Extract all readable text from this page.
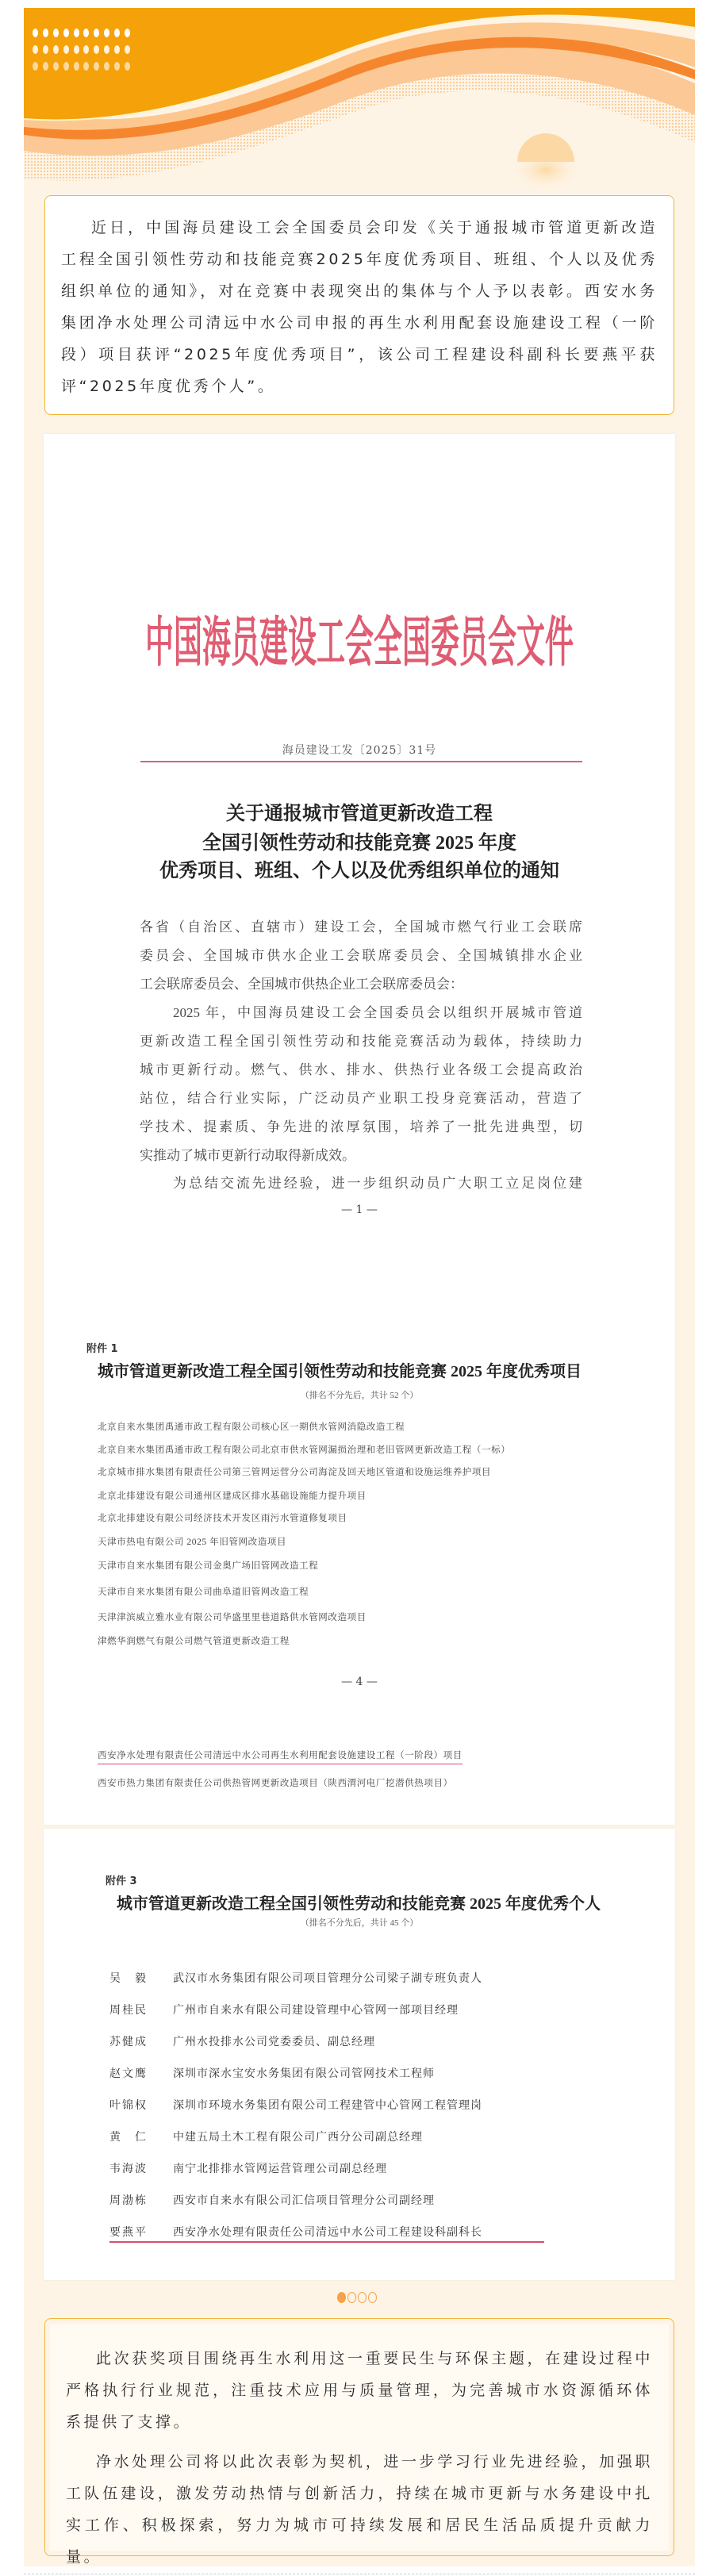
近日，中国海员建设工会全国委员会印发《关于通报城市管道更新改造工程全国引领性劳动和技能竞赛2025年度优秀项目、班组、个人以及优秀组织单位的通知》，对在竞赛中表现突出的集体与个人予以表彰。西安水务集团净水处理公司清远中水公司申报的再生水利用配套设施建设工程（一阶段）项目获评“2025年度优秀项目”，该公司工程建设科副科长要燕平获评“2025年度优秀个人”。

中国海员建设工会全国委员会文件
海员建设工发〔2025〕31号
关于通报城市管道更新改造工程
全国引领性劳动和技能竞赛 2025 年度
优秀项目、班组、个人以及优秀组织单位的通知
各省（自治区、直辖市）建设工会，全国城市燃气行业工会联席
委员会、全国城市供水企业工会联席委员会、全国城镇排水企业
工会联席委员会、全国城市供热企业工会联席委员会：
2025 年，中国海员建设工会全国委员会以组织开展城市管道
更新改造工程全国引领性劳动和技能竞赛活动为载体，持续助力
城市更新行动。燃气、供水、排水、供热行业各级工会提高政治
站位，结合行业实际，广泛动员产业职工投身竞赛活动，营造了
学技术、提素质、争先进的浓厚氛围，培养了一批先进典型，切
实推动了城市更新行动取得新成效。
为总结交流先进经验，进一步组织动员广大职工立足岗位建
— 1 —
附件 1
城市管道更新改造工程全国引领性劳动和技能竞赛 2025 年度优秀项目
（排名不分先后，共计 52 个）
北京自来水集团禹通市政工程有限公司核心区一期供水管网消隐改造工程
北京自来水集团禹通市政工程有限公司北京市供水管网漏损治理和老旧管网更新改造工程（一标）
北京城市排水集团有限责任公司第三管网运营分公司海淀及回天地区管道和设施运维养护项目
北京北排建设有限公司通州区建成区排水基础设施能力提升项目
北京北排建设有限公司经济技术开发区雨污水管道修复项目
天津市热电有限公司 2025 年旧管网改造项目
天津市自来水集团有限公司金奥广场旧管网改造工程
天津市自来水集团有限公司曲阜道旧管网改造工程
天津津滨威立雅水业有限公司华盛里里巷道路供水管网改造项目
津燃华润燃气有限公司燃气管道更新改造工程
— 4 —
西安净水处理有限责任公司清远中水公司再生水利用配套设施建设工程（一阶段）项目
西安市热力集团有限责任公司供热管网更新改造项目（陕西渭河电厂挖潜供热项目）
附件 3
城市管道更新改造工程全国引领性劳动和技能竞赛 2025 年度优秀个人
（排名不分先后，共计 45 个）
吴　毅 武汉市水务集团有限公司项目管理分公司梁子湖专班负责人
周桂民 广州市自来水有限公司建设管理中心管网一部项目经理
苏健成 广州水投排水公司党委委员、副总经理
赵文鹰 深圳市深水宝安水务集团有限公司管网技术工程师
叶锦权 深圳市环境水务集团有限公司工程建管中心管网工程管理岗
黄　仁 中建五局土木工程有限公司广西分公司副总经理
韦海波 南宁北排排水管网运营管理公司副总经理
周渤栋 西安市自来水有限公司汇信项目管理分公司副经理
要燕平 西安净水处理有限责任公司清远中水公司工程建设科副科长

此次获奖项目围绕再生水利用这一重要民生与环保主题，在建设过程中严格执行行业规范，注重技术应用与质量管理，为完善城市水资源循环体系提供了支撑。

净水处理公司将以此次表彰为契机，进一步学习行业先进经验，加强职工队伍建设，激发劳动热情与创新活力，持续在城市更新与水务建设中扎实工作、积极探索，努力为城市可持续发展和居民生活品质提升贡献力量。
